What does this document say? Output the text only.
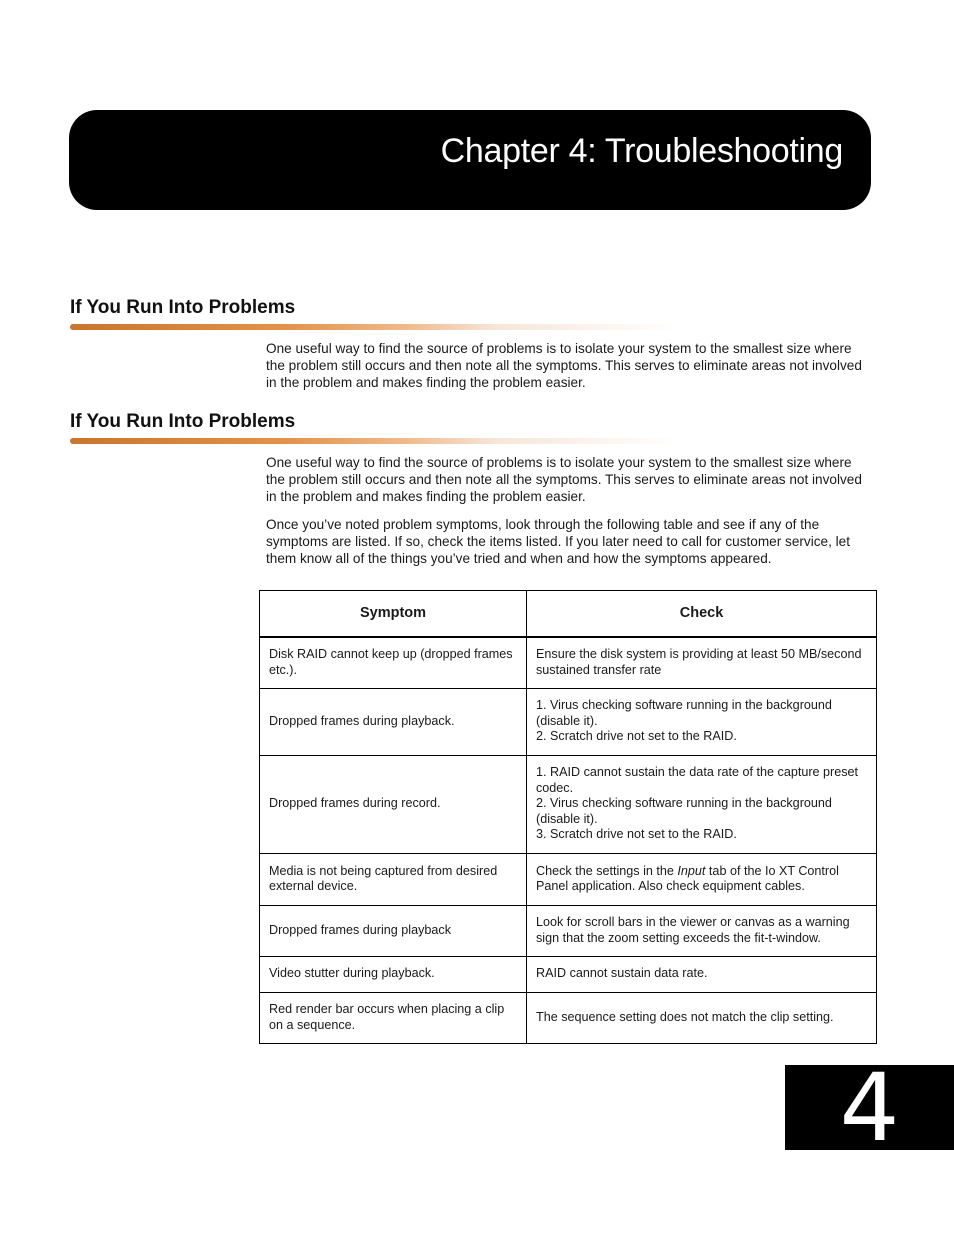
Chapter 4: Troubleshooting
If You Run Into Problems

One useful way to find the source of problems is to isolate your system to the smallest size where the problem still occurs and then note all the symptoms. This serves to eliminate areas not involved in the problem and makes finding the problem easier.

If You Run Into Problems

One useful way to find the source of problems is to isolate your system to the smallest size where the problem still occurs and then note all the symptoms. This serves to eliminate areas not involved in the problem and makes finding the problem easier.

Once you’ve noted problem symptoms, look through the following table and see if any of the symptoms are listed. If so, check the items listed. If you later need to call for customer service, let them know all of the things you’ve tried and when and how the symptoms appeared.

Symptom	Check
Disk RAID cannot keep up (dropped frames etc.).	Ensure the disk system is providing at least 50 MB/second sustained transfer rate

Dropped frames during playback.	1. Virus checking software running in the background (disable it).
2. Scratch drive not set to the RAID.

Dropped frames during record.	1. RAID cannot sustain the data rate of the capture preset codec.
2. Virus checking software running in the background (disable it).
3. Scratch drive not set to the RAID.

Media is not being captured from desired external device.	Check the settings in the Input tab of the Io XT Control Panel application. Also check equipment cables.
Dropped frames during playback	Look for scroll bars in the viewer or canvas as a warning sign that the zoom setting exceeds the fit-t-window.

Video stutter during playback.	RAID cannot sustain data rate.

Red render bar occurs when placing a clip on a sequence.	The sequence setting does not match the clip setting.
4
